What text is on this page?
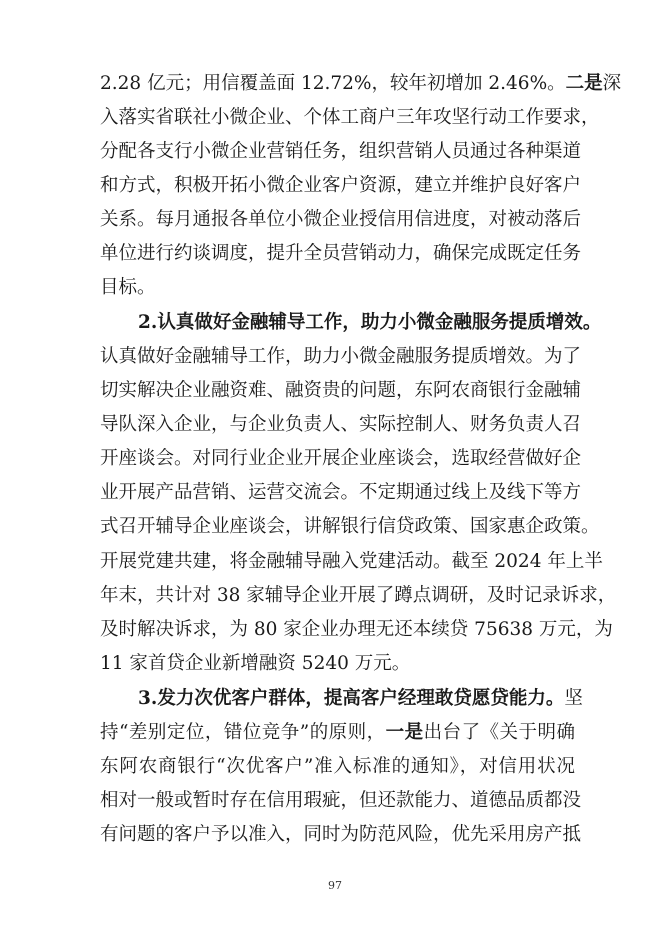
2.28 亿元；用信覆盖面 12.72%，较年初增加 2.46%。二是深
入落实省联社小微企业、个体工商户三年攻坚行动工作要求，
分配各支行小微企业营销任务，组织营销人员通过各种渠道
和方式，积极开拓小微企业客户资源，建立并维护良好客户
关系。每月通报各单位小微企业授信用信进度，对被动落后
单位进行约谈调度，提升全员营销动力，确保完成既定任务
目标。
2.认真做好金融辅导工作，助力小微金融服务提质增效。
认真做好金融辅导工作，助力小微金融服务提质增效。为了
切实解决企业融资难、融资贵的问题，东阿农商银行金融辅
导队深入企业，与企业负责人、实际控制人、财务负责人召
开座谈会。对同行业企业开展企业座谈会，选取经营做好企
业开展产品营销、运营交流会。不定期通过线上及线下等方
式召开辅导企业座谈会，讲解银行信贷政策、国家惠企政策。
开展党建共建，将金融辅导融入党建活动。截至 2024 年上半
年末，共计对 38 家辅导企业开展了蹲点调研，及时记录诉求，
及时解决诉求，为 80 家企业办理无还本续贷 75638 万元，为
11 家首贷企业新增融资 5240 万元。
3.发力次优客户群体，提高客户经理敢贷愿贷能力。坚
持“差别定位，错位竞争”的原则，一是出台了《关于明确
东阿农商银行“次优客户”准入标准的通知》，对信用状况
相对一般或暂时存在信用瑕疵，但还款能力、道德品质都没
有问题的客户予以准入，同时为防范风险，优先采用房产抵
97
